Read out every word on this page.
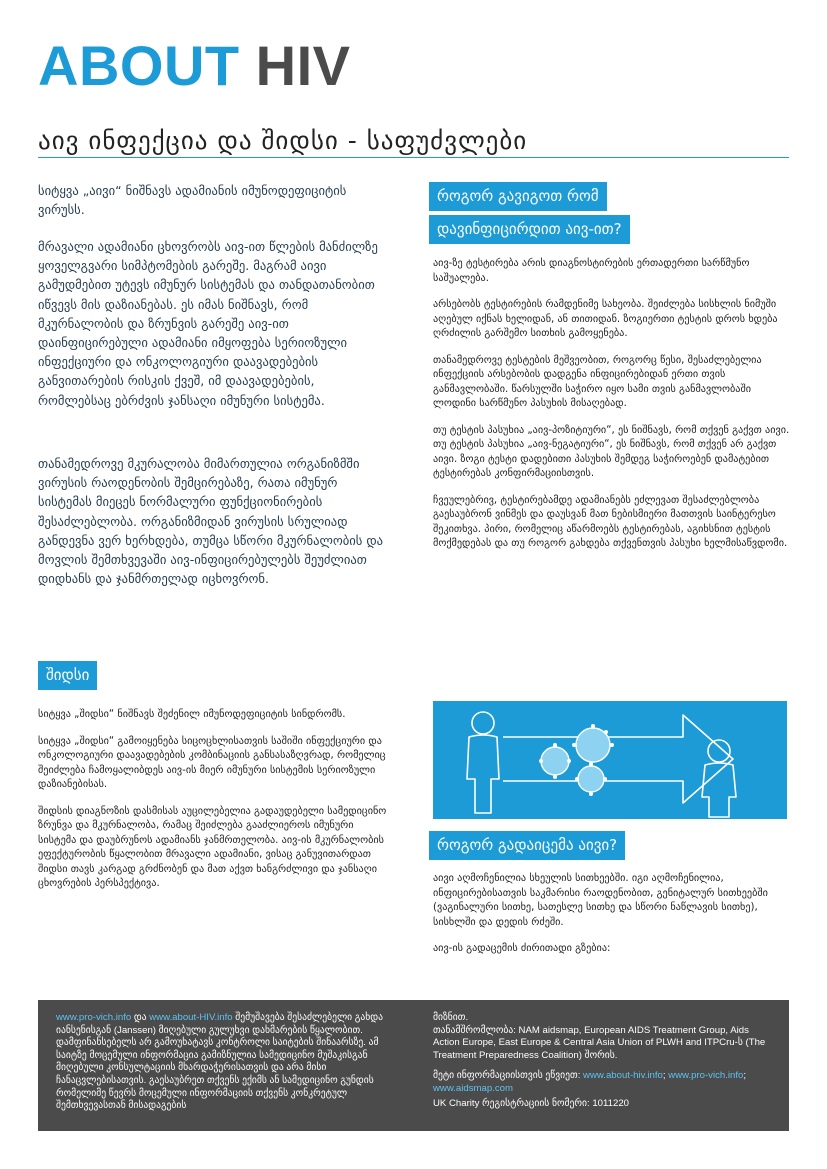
ABOUT HIV
აივ ინფექცია და შიდსი - საფუძვლები
სიტყვა „აივი“ ნიშნავს ადამიანის იმუნოდეფიციტის ვირუსს.
მრავალი ადამიანი ცხოვრობს აივ-ით წლების მანძილზე ყოველგვარი სიმპტომების გარეშე. მაგრამ აივი გამუდმებით უტევს იმუნურ სისტემას და თანდათანობით იწვევს მის დაზიანებას. ეს იმას ნიშნავს, რომ მკურნალობის და ზრუნვის გარეშე აივ-ით დაინფიცირებული ადამიანი იმყოფება სერიოზული ინფექციური და ონკოლოგიური დაავადებების განვითარების რისკის ქვეშ, იმ დაავადებების, რომლებსაც ებრძვის ჯანსაღი იმუნური სისტემა.
თანამედროვე მკურალობა მიმართულია ორგანიზმში ვირუსის რაოდენობის შემცირებაზე, რათა იმუნურ სისტემას მიეცეს ნორმალური ფუნქციონირების შესაძლებლობა. ორგანიზმიდან ვირუსის სრულიად განდევნა ვერ ხერხდება, თუმცა სწორი მკურნალობის და მოვლის შემთხვევაში აივ-ინფიცირებულებს შეუძლიათ დიდხანს და ჯანმრთელად იცხოვრონ.
შიდსი

სიტყვა „შიდსი“ ნიშნავს შეძენილ იმუნოდეფიციტის სინდრომს.

სიტყვა „შიდსი“ გამოიყენება სიცოცხლისათვის საშიში ინფექციური და ონკოლოგიური დაავადებების კომბინაციის განსასაზღვრად, რომელიც შეიძლება ჩამოყალიბდეს აივ-ის მიერ იმუნური სისტემის სერიოზული დაზიანებისას.

შიდსის დიაგნოზის დასმისას აუცილებელია გადაუდებელი სამედიცინო ზრუნვა და მკურნალობა, რამაც შეიძლება გააძლიეროს იმუნური სისტემა და დაუბრუნოს ადამიანს ჯანმრთელობა. აივ-ის მკურნალობის ეფექტურობის წყალობით მრავალი ადამიანი, ვისაც განუვითარდათ შიდსი თავს კარგად გრძნობენ და მათ აქვთ ხანგრძლივი და ჯანსაღი ცხოვრების პერსპექტივა.

როგორ გავიგოთ რომ
დავინფიცირდით აივ-ით?

აივ-ზე ტესტირება არის დიაგნოსტირების ერთადერთი სარწმუნო საშუალება.

არსებობს ტესტირების რამდენიმე სახეობა. შეიძლება სისხლის ნიმუში აღებულ იქნას ხელიდან, ან თითიდან. ზოგიერთი ტესტის დროს ხდება ღრძილის გარშემო სითხის გამოყენება.

თანამედროვე ტესტების მეშვეობით, როგორც წესი, შესაძლებელია ინფექციის არსებობის დადგენა ინფიცირებიდან ერთი თვის განმავლობაში. წარსულში საჭირო იყო სამი თვის განმავლობაში ლოდინი სარწმუნო პასუხის მისაღებად.

თუ ტესტის პასუხია „აივ-პოზიტიური“, ეს ნიშნავს, რომ თქვენ გაქვთ აივი. თუ ტესტის პასუხია „აივ-ნეგატიური“, ეს ნიშნავს, რომ თქვენ არ გაქვთ აივი. ზოგი ტესტი დადებითი პასუხის შემდეგ საჭიროებენ დამატებით ტესტირებას კონფირმაციისთვის.

ჩვეულებრივ, ტესტირებამდე ადამიანებს ეძლევათ შესაძლებლობა გაესაუბრონ ვინმეს და დაუსვან მათ ნებისმიერი მათთვის საინტერესო შეკითხვა. პირი, რომელიც აწარმოებს ტესტირებას, აგიხსნით ტესტის მოქმედებას და თუ როგორ გახდება თქვენთვის პასუხი ხელმისაწვდომი.

როგორ გადაიცემა აივი?

აივი აღმოჩენილია სხეულის სითხეებში. იგი აღმოჩენილია, ინფიცირებისათვის საკმარისი რაოდენობით, გენიტალურ სითხეებში (ვაგინალური სითხე, სათესლე სითხე და სწორი ნაწლავის სითხე), სისხლში და დედის რძეში.

აივ-ის გადაცემის ძირითადი გზებია:

www.pro-vich.info და www.about-HIV.info შემუშავება შესაძლებელი გახდა იანსენისგან (Janssen) მიღებული გულუხვი დახმარების წყალობით. დამფინანსებელს არ გამოუხატავს კონტროლი საიტების შინაარსზე. ამ საიტზე მოცემული ინფორმაცია გამიზნულია სამედიცინო მუშაკისგან მიღებული კონსულტაციის მხარდაჭერისათვის და არა მისი ჩანაცვლებისათვის. გაესაუბრეთ თქვენს ექიმს ან სამედიცინო გუნდის რომელიმე წევრს მოცემული ინფორმაციის თქვენს კონკრეტულ შემთხვევასთან მისადაგების

მიზნით.

თანამშრომლობა: NAM aidsmap, European AIDS Treatment Group, Aids Action Europe, East Europe & Central Asia Union of PLWH and ITPCru-ს (The Treatment Preparedness Coalition) შორის.

მეტი ინფორმაციისთვის ეწვიეთ: www.about-hiv.info; www.pro-vich.info; www.aidsmap.com

UK Charity რეგისტრაციის ნომერი: 1011220
